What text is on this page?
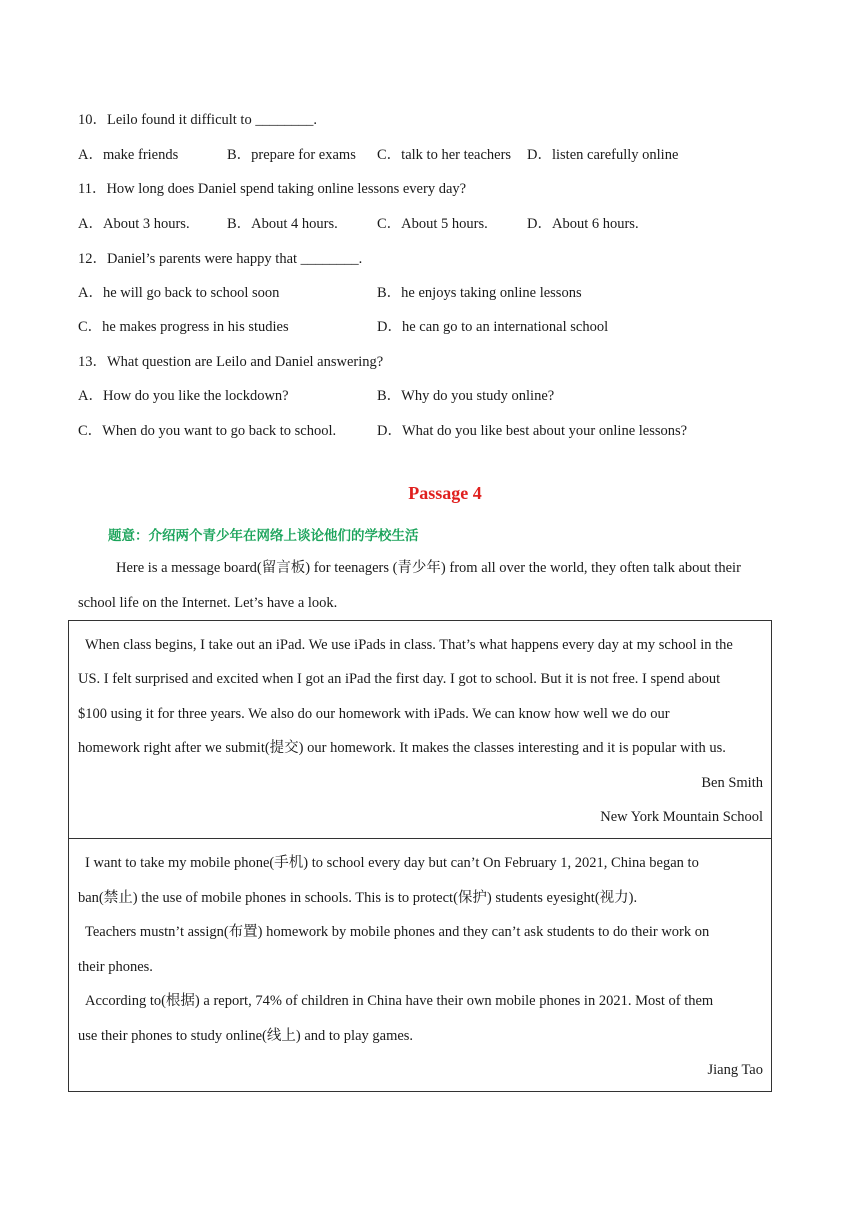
10．Leilo found it difficult to ________.
A．make friends	B．prepare for exams C．talk to her teachers D．listen carefully online
11．How long does Daniel spend taking online lessons every day?
A．About 3 hours.	B．About 4 hours.	C．About 5 hours.	D．About 6 hours.
12．Daniel’s parents were happy that ________.
A．he will go back to school soon	B．he enjoys taking online lessons
C．he makes progress in his studies	D．he can go to an international school
13．What question are Leilo and Daniel answering?
A．How do you like the lockdown?	B．Why do you study online?
C．When do you want to go back to school.	D．What do you like best about your online lessons?
Passage 4
题意：介绍两个青少年在网络上谈论他们的学校生活
Here is a message board(留言板) for teenagers (青少年) from all over the world, they often talk about their
school life on the Internet. Let’s have a look.
When class begins, I take out an iPad. We use iPads in class. That’s what happens every day at my school in the
US. I felt surprised and excited when I got an iPad the first day. I got to school. But it is not free. I spend about
$100 using it for three years. We also do our homework with iPads. We can know how well we do our
homework right after we submit(提交) our homework. It makes the classes interesting and it is popular with us.
Ben Smith
New York Mountain School
I want to take my mobile phone(手机) to school every day but can’t On February 1, 2021, China began to
ban(禁止) the use of mobile phones in schools. This is to protect(保护) students eyesight(视力).
Teachers mustn’t assign(布置) homework by mobile phones and they can’t ask students to do their work on
their phones.
According to(根据) a report, 74% of children in China have their own mobile phones in 2021. Most of them
use their phones to study online(线上) and to play games.
Jiang Tao
